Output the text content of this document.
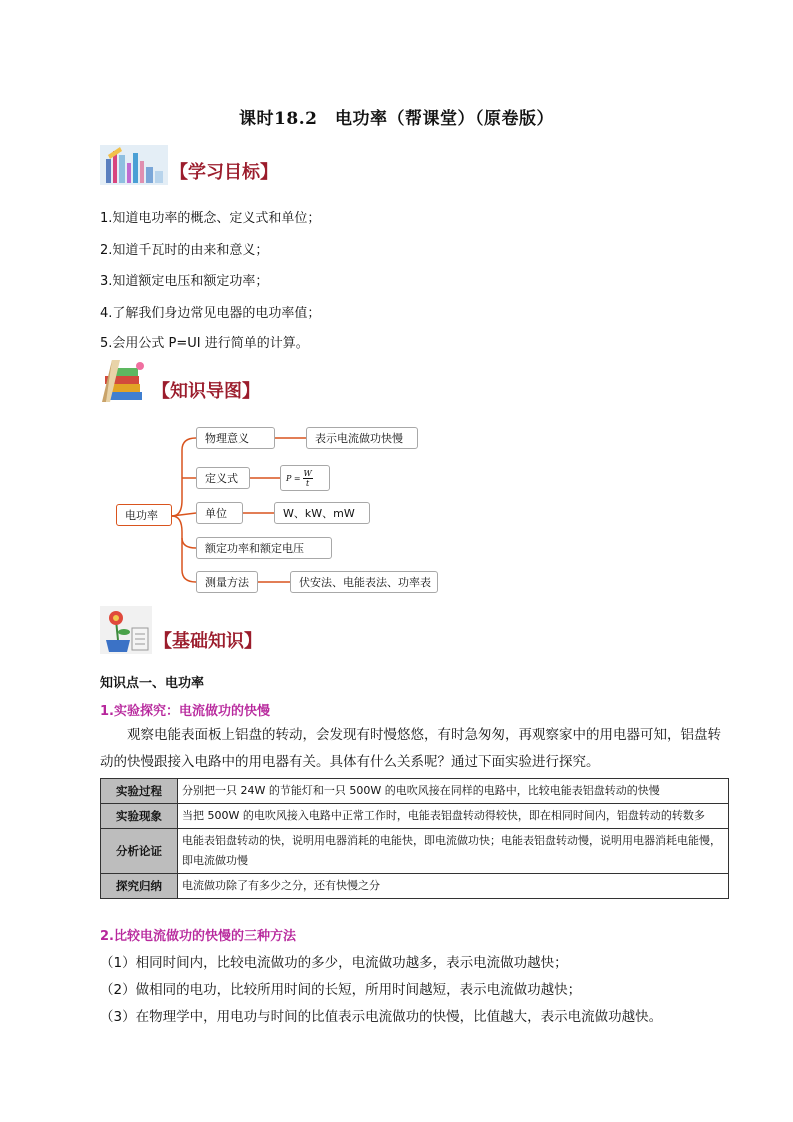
课时18.2　电功率（帮课堂）（原卷版）
【学习目标】
1.知道电功率的概念、定义式和单位；
2.知道千瓦时的由来和意义；
3.知道额定电压和额定功率；
4.了解我们身边常见电器的电功率值；
5.会用公式 P=UI 进行简单的计算。
【知识导图】
电功率
物理意义	表示电流做功快慢
定义式	P =
W
t
单位	W、kW、mW
额定功率和额定电压
测量方法	伏安法、电能表法、功率表
【基础知识】
知识点一、电功率
1.实验探究：电流做功的快慢
观察电能表面板上铝盘的转动，会发现有时慢悠悠，有时急匆匆，再观察家中的用电器可知，铝盘转动的快慢跟接入电路中的用电器有关。具体有什么关系呢？通过下面实验进行探究。
实验过程	分别把一只 24W 的节能灯和一只 500W 的电吹风接在同样的电路中，比较电能表铝盘转动的快慢
实验现象	当把 500W 的电吹风接入电路中正常工作时，电能表铝盘转动得较快，即在相同时间内，铝盘转动的转数多
分析论证	电能表铝盘转动的快，说明用电器消耗的电能快，即电流做功快；电能表铝盘转动慢，说明用电器消耗电能慢，即电流做功慢
探究归纳	电流做功除了有多少之分，还有快慢之分
2.比较电流做功的快慢的三种方法
（1）相同时间内，比较电流做功的多少，电流做功越多，表示电流做功越快；
（2）做相同的电功，比较所用时间的长短，所用时间越短，表示电流做功越快；
（3）在物理学中，用电功与时间的比值表示电流做功的快慢，比值越大，表示电流做功越快。
